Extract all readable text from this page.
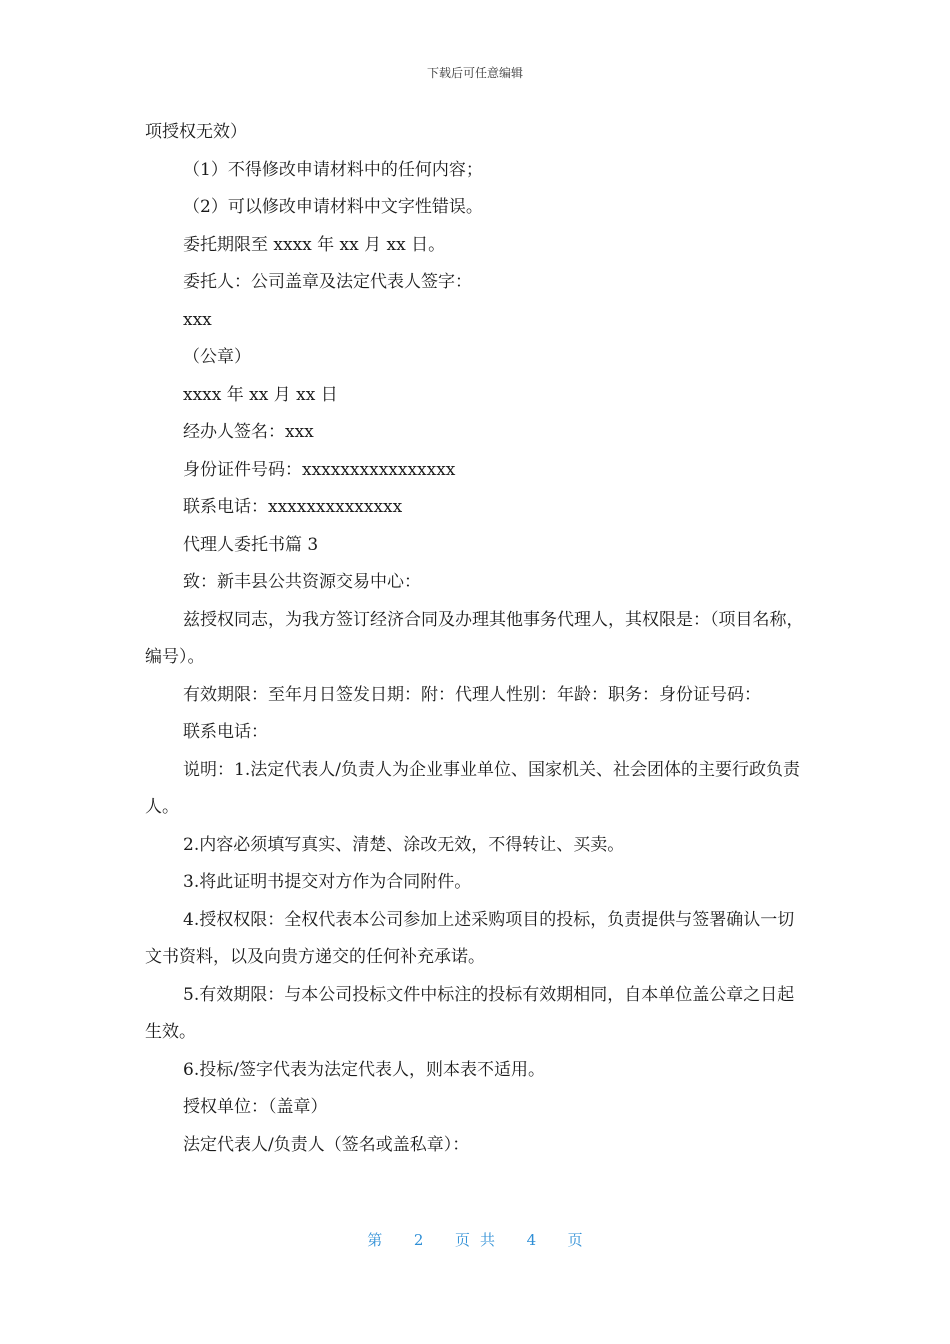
下载后可任意编辑

项授权无效）

（1）不得修改申请材料中的任何内容；

（2）可以修改申请材料中文字性错误。

委托期限至 xxxx 年 xx 月 xx 日。

委托人：公司盖章及法定代表人签字：

xxx

（公章）

xxxx 年 xx 月 xx 日

经办人签名：xxx

身份证件号码：xxxxxxxxxxxxxxxx

联系电话：xxxxxxxxxxxxxx

代理人委托书篇 3

致：新丰县公共资源交易中心：

兹授权同志，为我方签订经济合同及办理其他事务代理人，其权限是：（项目名称，编号）。

有效期限：至年月日签发日期：附：代理人性别：年龄：职务：身份证号码：

联系电话：

说明：1.法定代表人/负责人为企业事业单位、国家机关、社会团体的主要行政负责人。

2.内容必须填写真实、清楚、涂改无效，不得转让、买卖。

3.将此证明书提交对方作为合同附件。

4.授权权限：全权代表本公司参加上述采购项目的投标，负责提供与签署确认一切文书资料，以及向贵方递交的任何补充承诺。

5.有效期限：与本公司投标文件中标注的投标有效期相同，自本单位盖公章之日起生效。

6.投标/签字代表为法定代表人，则本表不适用。

授权单位：（盖章）

法定代表人/负责人（签名或盖私章）：

第 2 页共 4 页
